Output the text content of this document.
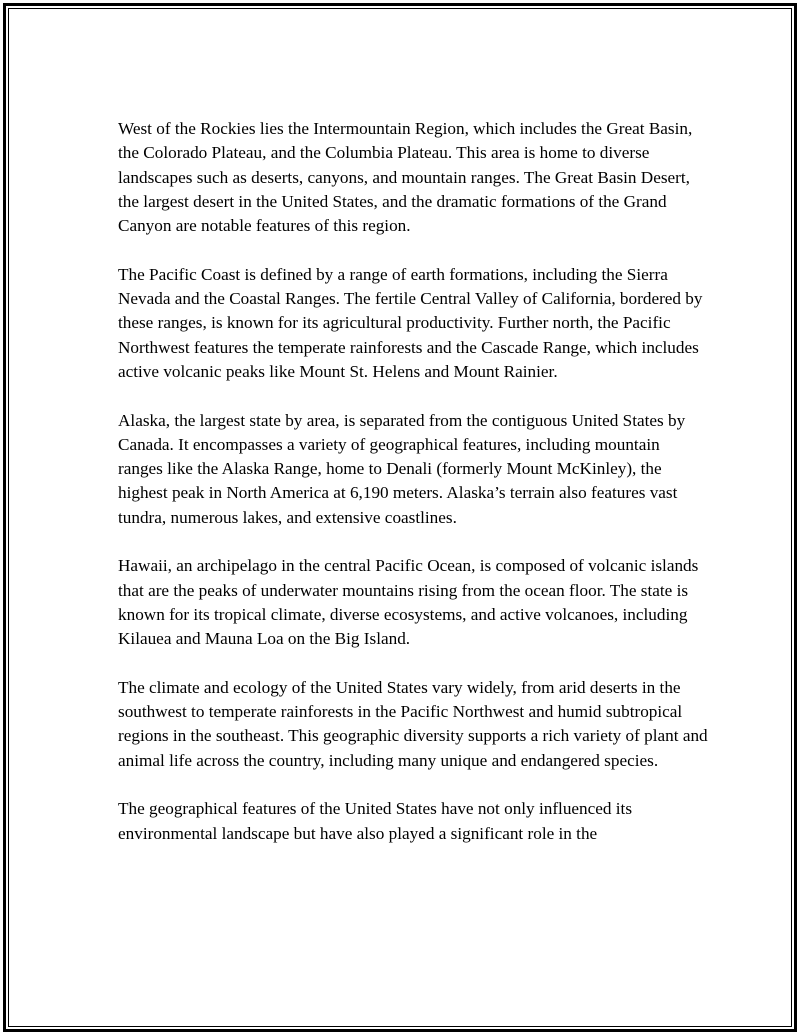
West of the Rockies lies the Intermountain Region, which includes the Great Basin, the Colorado Plateau, and the Columbia Plateau. This area is home to diverse landscapes such as deserts, canyons, and mountain ranges. The Great Basin Desert, the largest desert in the United States, and the dramatic formations of the Grand Canyon are notable features of this region.

The Pacific Coast is defined by a range of earth formations, including the Sierra Nevada and the Coastal Ranges. The fertile Central Valley of California, bordered by these ranges, is known for its agricultural productivity. Further north, the Pacific Northwest features the temperate rainforests and the Cascade Range, which includes active volcanic peaks like Mount St. Helens and Mount Rainier.

Alaska, the largest state by area, is separated from the contiguous United States by Canada. It encompasses a variety of geographical features, including mountain ranges like the Alaska Range, home to Denali (formerly Mount McKinley), the highest peak in North America at 6,190 meters. Alaska’s terrain also features vast tundra, numerous lakes, and extensive coastlines.

Hawaii, an archipelago in the central Pacific Ocean, is composed of volcanic islands that are the peaks of underwater mountains rising from the ocean floor. The state is known for its tropical climate, diverse ecosystems, and active volcanoes, including Kilauea and Mauna Loa on the Big Island.

The climate and ecology of the United States vary widely, from arid deserts in the southwest to temperate rainforests in the Pacific Northwest and humid subtropical regions in the southeast. This geographic diversity supports a rich variety of plant and animal life across the country, including many unique and endangered species.

The geographical features of the United States have not only influenced its environmental landscape but have also played a significant role in the
